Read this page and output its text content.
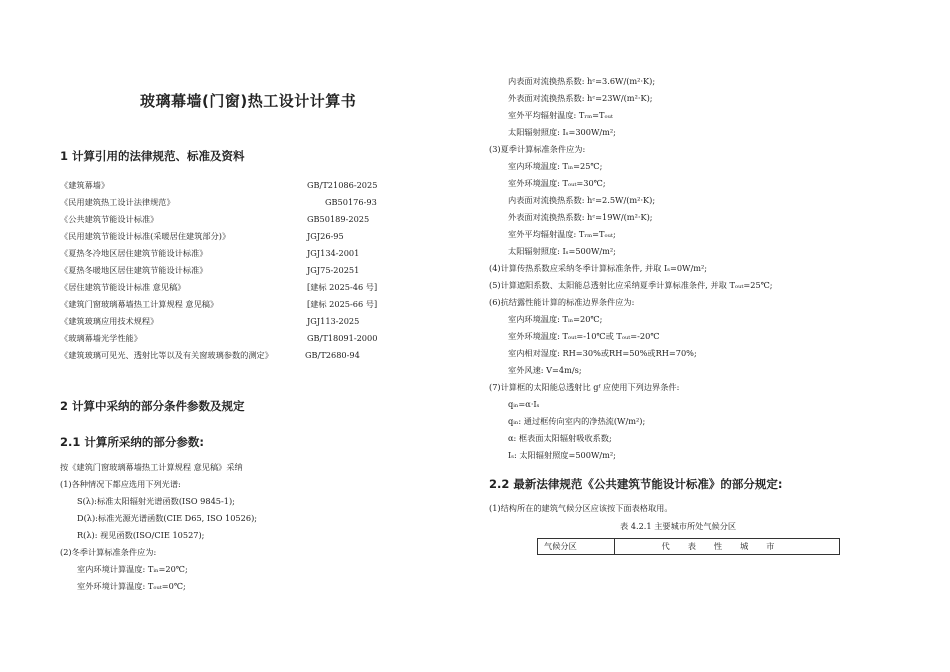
玻璃幕墙(门窗)热工设计计算书
1 计算引用的法律规范、标准及资料
《建筑幕墙》	GB/T21086-2025
《民用建筑热工设计法律规范》	GB50176-93
《公共建筑节能设计标准》	GB50189-2025
《民用建筑节能设计标准(采暖居住建筑部分)》	JGJ26-95
《夏热冬冷地区居住建筑节能设计标准》	JGJ134-2001
《夏热冬暖地区居住建筑节能设计标准》	JGJ75-20251
《居住建筑节能设计标准 意见稿》	[建标 2025-46 号]
《建筑门窗玻璃幕墙热工计算规程 意见稿》	[建标 2025-66 号]
《建筑玻璃应用技术规程》	JGJ113-2025
《玻璃幕墙光学性能》	GB/T18091-2000
《建筑玻璃可见光、透射比等以及有关窗玻璃参数的测定》	GB/T2680-94
2 计算中采纳的部分条件参数及规定
2.1 计算所采纳的部分参数:
按《建筑门窗玻璃幕墙热工计算规程 意见稿》采纳
(1)各种情况下都应选用下列光谱:
S(λ):标准太阳辐射光谱函数(ISO 9845-1);
D(λ):标准光源光谱函数(CIE D65, ISO 10526);
R(λ): 视见函数(ISO/CIE 10527);
(2)冬季计算标准条件应为:
室内环境计算温度: Tᵢₙ=20℃;
室外环境计算温度: Tₒᵤₜ=0℃;
内表面对流换热系数: hᶜ=3.6W/(m²·K);
外表面对流换热系数: hᶜ=23W/(m²·K);
室外平均辐射温度: Tᵣₘ=Tₒᵤₜ
太阳辐射照度: Iₛ=300W/m²;
(3)夏季计算标准条件应为:
室内环境温度: Tᵢₙ=25℃;
室外环境温度: Tₒᵤₜ=30℃;
内表面对流换热系数: hᶜ=2.5W/(m²·K);
外表面对流换热系数: hᶜ=19W/(m²·K);
室外平均辐射温度: Tᵣₘ=Tₒᵤₜ;
太阳辐射照度: Iₛ=500W/m²;
(4)计算传热系数应采纳冬季计算标准条件, 并取 Iₛ=0W/m²;
(5)计算遮阳系数、太阳能总透射比应采纳夏季计算标准条件, 并取 Tₒᵤₜ=25℃;
(6)抗结露性能计算的标准边界条件应为:
室内环境温度: Tᵢₙ=20℃;
室外环境温度: Tₒᵤₜ=-10℃或 Tₒᵤₜ=-20℃
室内相对湿度: RH=30%或RH=50%或RH=70%;
室外风速: V=4m/s;
(7)计算框的太阳能总透射比 gᶠ 应使用下列边界条件:
qᵢₙ=α·Iₛ
qᵢₙ: 通过框传向室内的净热流(W/m²);
α: 框表面太阳辐射吸收系数;
Iₛ: 太阳辐射照度=500W/m²;
2.2 最新法律规范《公共建筑节能设计标准》的部分规定:
(1)结构所在的建筑气候分区应该按下面表格取用。
表 4.2.1 主要城市所处气候分区
气候分区	代表性城市
